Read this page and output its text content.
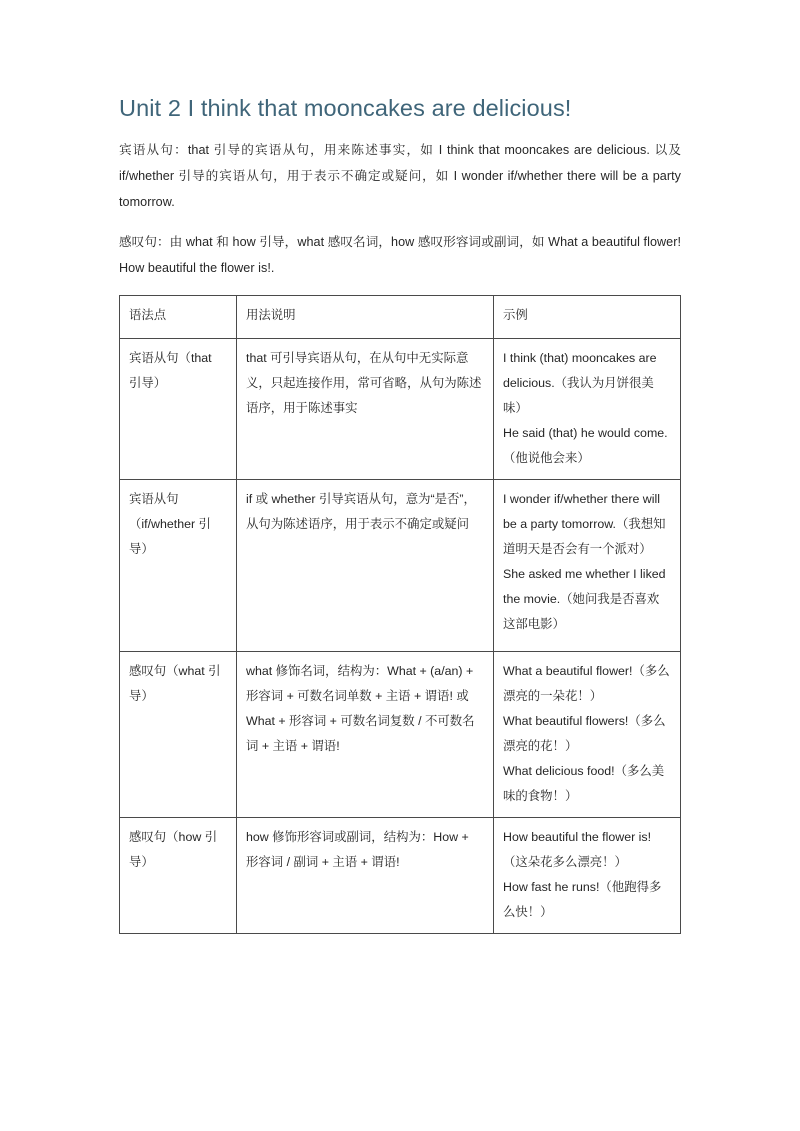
Unit 2 I think that mooncakes are delicious!

宾语从句：that 引导的宾语从句，用来陈述事实，如 I think that mooncakes are delicious. 以及 if/whether 引导的宾语从句，用于表示不确定或疑问，如 I wonder if/whether there will be a party tomorrow.

感叹句：由 what 和 how 引导，what 感叹名词，how 感叹形容词或副词，如 What a beautiful flower! How beautiful the flower is!.

语法点	用法说明	示例
宾语从句（that 引导）	that 可引导宾语从句，在从句中无实际意义，只起连接作用，常可省略，从句为陈述语序，用于陈述事实	I think (that) mooncakes are delicious.（我认为月饼很美味）
He said (that) he would come.（他说他会来）

宾语从句（if/whether 引导）	if 或 whether 引导宾语从句，意为“是否”，从句为陈述语序，用于表示不确定或疑问	I wonder if/whether there will be a party tomorrow.（我想知道明天是否会有一个派对）
She asked me whether I liked the movie.（她问我是否喜欢这部电影）

感叹句（what 引导）	what 修饰名词，结构为：What + (a/an) + 形容词 + 可数名词单数 + 主语 + 谓语! 或 What + 形容词 + 可数名词复数 / 不可数名词 + 主语 + 谓语!	What a beautiful flower!（多么漂亮的一朵花！）
What beautiful flowers!（多么漂亮的花！）
What delicious food!（多么美味的食物！）

感叹句（how 引导）	how 修饰形容词或副词，结构为：How + 形容词 / 副词 + 主语 + 谓语!	How beautiful the flower is!（这朵花多么漂亮！）
How fast he runs!（他跑得多么快！）
